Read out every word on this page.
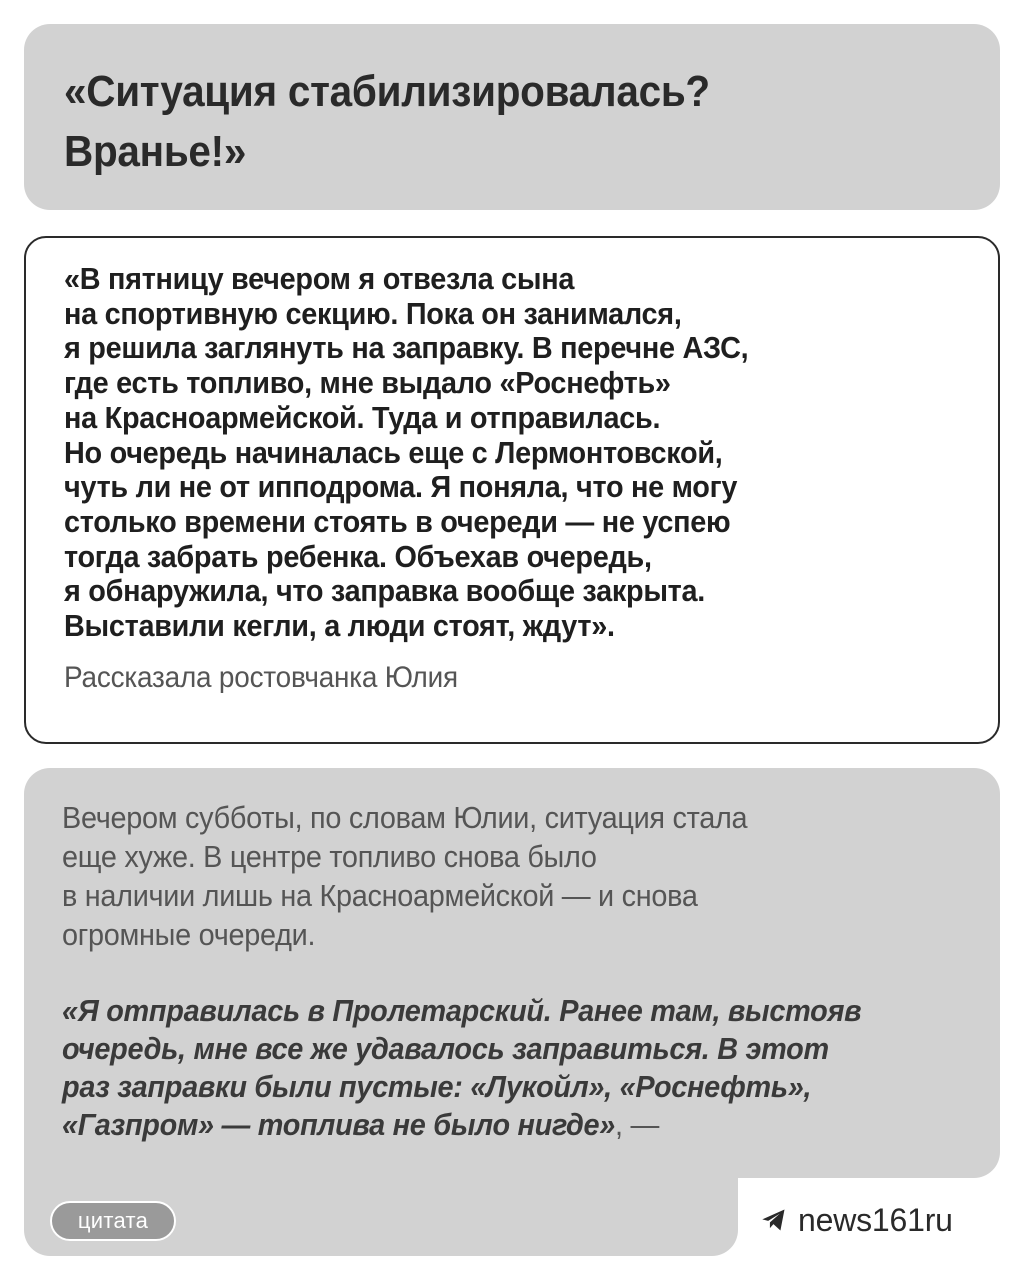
«Ситуация стабилизировалась?
Вранье!»

«В пятницу вечером я отвезла сына
на спортивную секцию. Пока он занимался,
я решила заглянуть на заправку. В перечне АЗС,
где есть топливо, мне выдало «Роснефть»
на Красноармейской. Туда и отправилась.
Но очередь начиналась еще с Лермонтовской,
чуть ли не от ипподрома. Я поняла, что не могу
столько времени стоять в очереди — не успею
тогда забрать ребенка. Объехав очередь,
я обнаружила, что заправка вообще закрыта.
Выставили кегли, а люди стоят, ждут».

Рассказала ростовчанка Юлия

Вечером субботы, по словам Юлии, ситуация стала
еще хуже. В центре топливо снова было
в наличии лишь на Красноармейской — и снова
огромные очереди.

«Я отправилась в Пролетарский. Ранее там, выстояв
очередь, мне все же удавалось заправиться. В этот
раз заправки были пустые: «Лукойл», «Роснефть»,
«Газпром» — топлива не было нигде», —

цитата	news161ru
